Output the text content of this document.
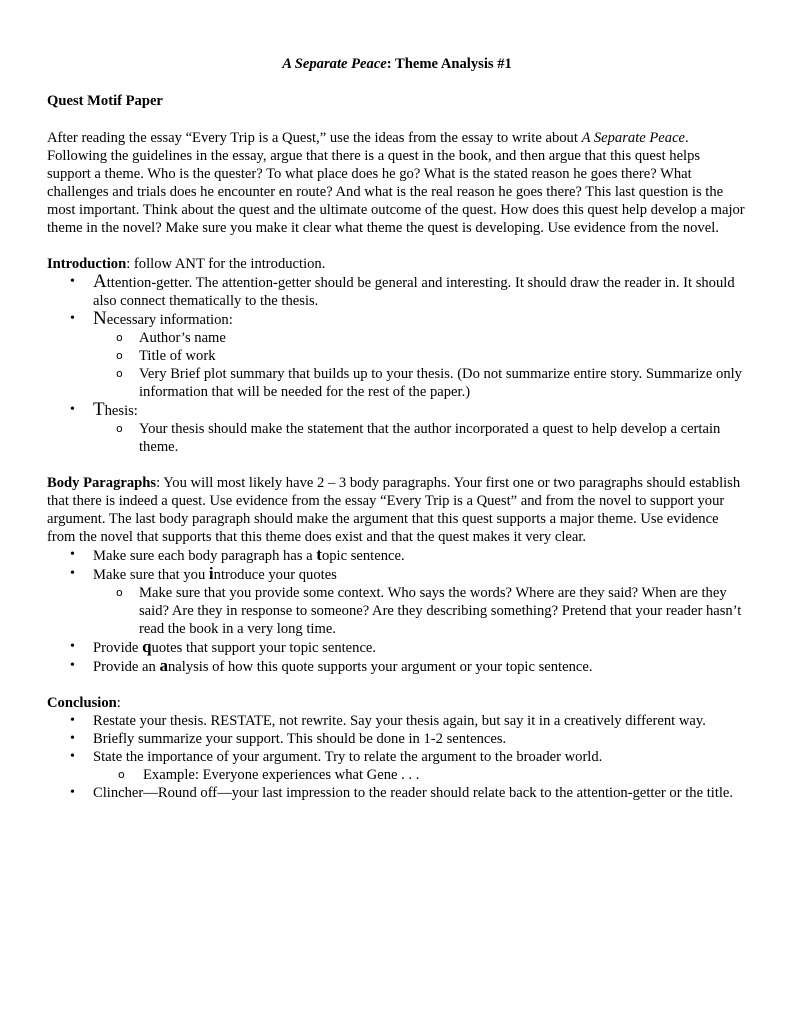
A Separate Peace: Theme Analysis #1
Quest Motif Paper

After reading the essay “Every Trip is a Quest,” use the ideas from the essay to write about A Separate Peace. Following the guidelines in the essay, argue that there is a quest in the book, and then argue that this quest helps support a theme. Who is the quester? To what place does he go? What is the stated reason he goes there? What challenges and trials does he encounter en route? And what is the real reason he goes there? This last question is the most important. Think about the quest and the ultimate outcome of the quest. How does this quest help develop a major theme in the novel? Make sure you make it clear what theme the quest is developing. Use evidence from the novel.

Introduction: follow ANT for the introduction.

• Attention-getter. The attention-getter should be general and interesting. It should draw the reader in. It should also connect thematically to the thesis.
• Necessary information:
o Author’s name
o Title of work
o Very Brief plot summary that builds up to your thesis. (Do not summarize entire story. Summarize only information that will be needed for the rest of the paper.)
• Thesis:
o Your thesis should make the statement that the author incorporated a quest to help develop a certain theme.

Body Paragraphs: You will most likely have 2 – 3 body paragraphs. Your first one or two paragraphs should establish that there is indeed a quest. Use evidence from the essay “Every Trip is a Quest” and from the novel to support your argument. The last body paragraph should make the argument that this quest supports a major theme. Use evidence from the novel that supports that this theme does exist and that the quest makes it very clear.

• Make sure each body paragraph has a topic sentence.
• Make sure that you introduce your quotes
o Make sure that you provide some context. Who says the words? Where are they said? When are they said? Are they in response to someone? Are they describing something? Pretend that your reader hasn’t read the book in a very long time.
• Provide quotes that support your topic sentence.
• Provide an analysis of how this quote supports your argument or your topic sentence.

Conclusion:

• Restate your thesis. RESTATE, not rewrite. Say your thesis again, but say it in a creatively different way.
• Briefly summarize your support. This should be done in 1-2 sentences.
• State the importance of your argument. Try to relate the argument to the broader world.
o Example: Everyone experiences what Gene . . .
• Clincher—Round off—your last impression to the reader should relate back to the attention-getter or the title.
